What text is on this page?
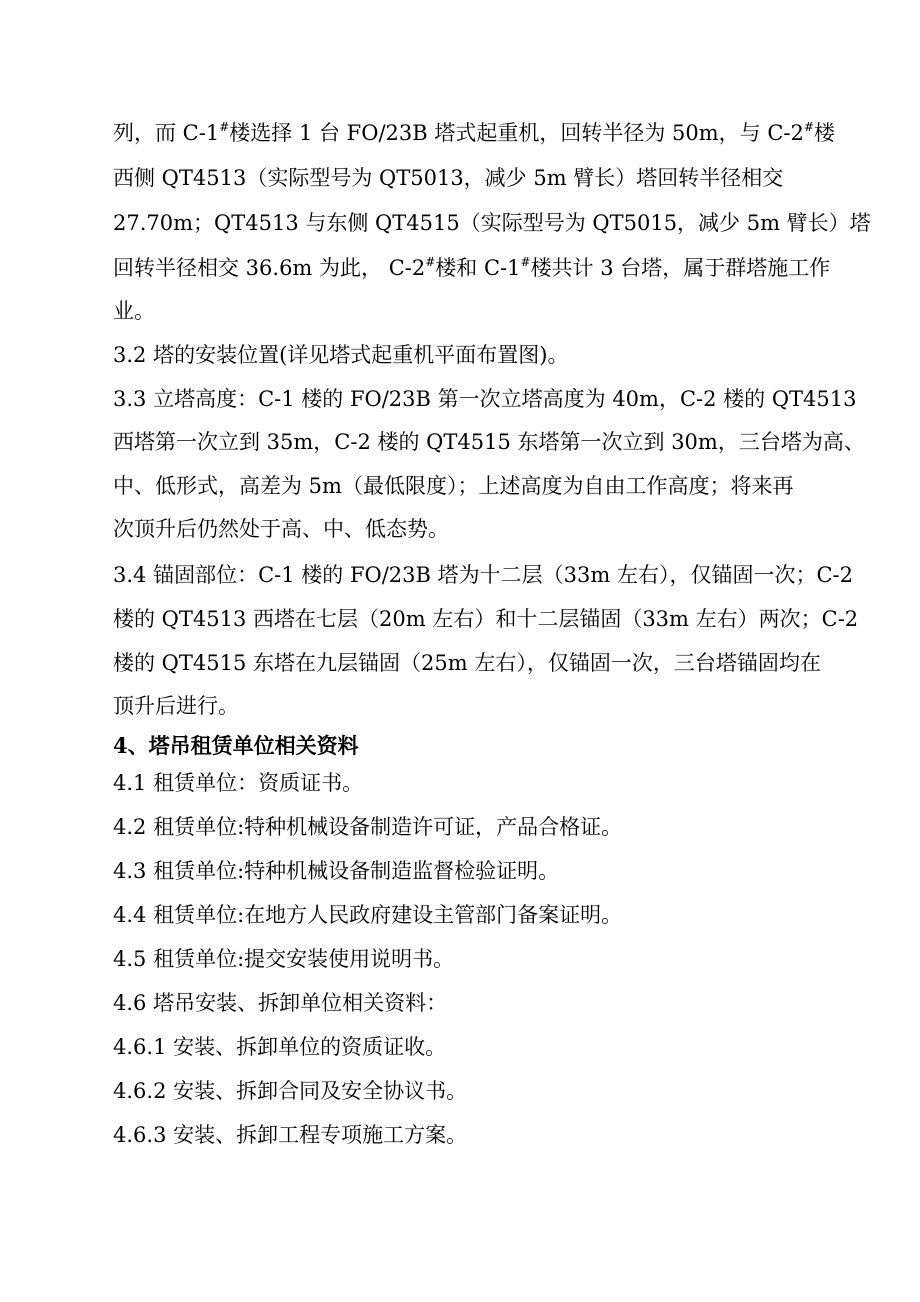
列，而 C-1#楼选择 1 台 FO/23B 塔式起重机，回转半径为 50m，与 C-2#楼
西侧 QT4513（实际型号为 QT5013，减少 5m 臂长）塔回转半径相交
27.70m；QT4513 与东侧 QT4515（实际型号为 QT5015，减少 5m 臂长）塔
回转半径相交 36.6m 为此， C-2#楼和 C-1#楼共计 3 台塔，属于群塔施工作
业。
3.2 塔的安装位置(详见塔式起重机平面布置图)。
3.3 立塔高度：C-1 楼的 FO/23B 第一次立塔高度为 40m，C-2 楼的 QT4513
西塔第一次立到 35m，C-2 楼的 QT4515 东塔第一次立到 30m，三台塔为高、
中、低形式，高差为 5m（最低限度）；上述高度为自由工作高度；将来再
次顶升后仍然处于高、中、低态势。
3.4 锚固部位：C-1 楼的 FO/23B 塔为十二层（33m 左右），仅锚固一次；C-2
楼的 QT4513 西塔在七层（20m 左右）和十二层锚固（33m 左右）两次；C-2
楼的 QT4515 东塔在九层锚固（25m 左右），仅锚固一次，三台塔锚固均在
顶升后进行。
4、塔吊租赁单位相关资料
4.1 租赁单位：资质证书。
4.2 租赁单位:特种机械设备制造许可证，产品合格证。
4.3 租赁单位:特种机械设备制造监督检验证明。
4.4 租赁单位:在地方人民政府建设主管部门备案证明。
4.5 租赁单位:提交安装使用说明书。
4.6 塔吊安装、拆卸单位相关资料：
4.6.1 安装、拆卸单位的资质证收。
4.6.2 安装、拆卸合同及安全协议书。
4.6.3 安装、拆卸工程专项施工方案。
